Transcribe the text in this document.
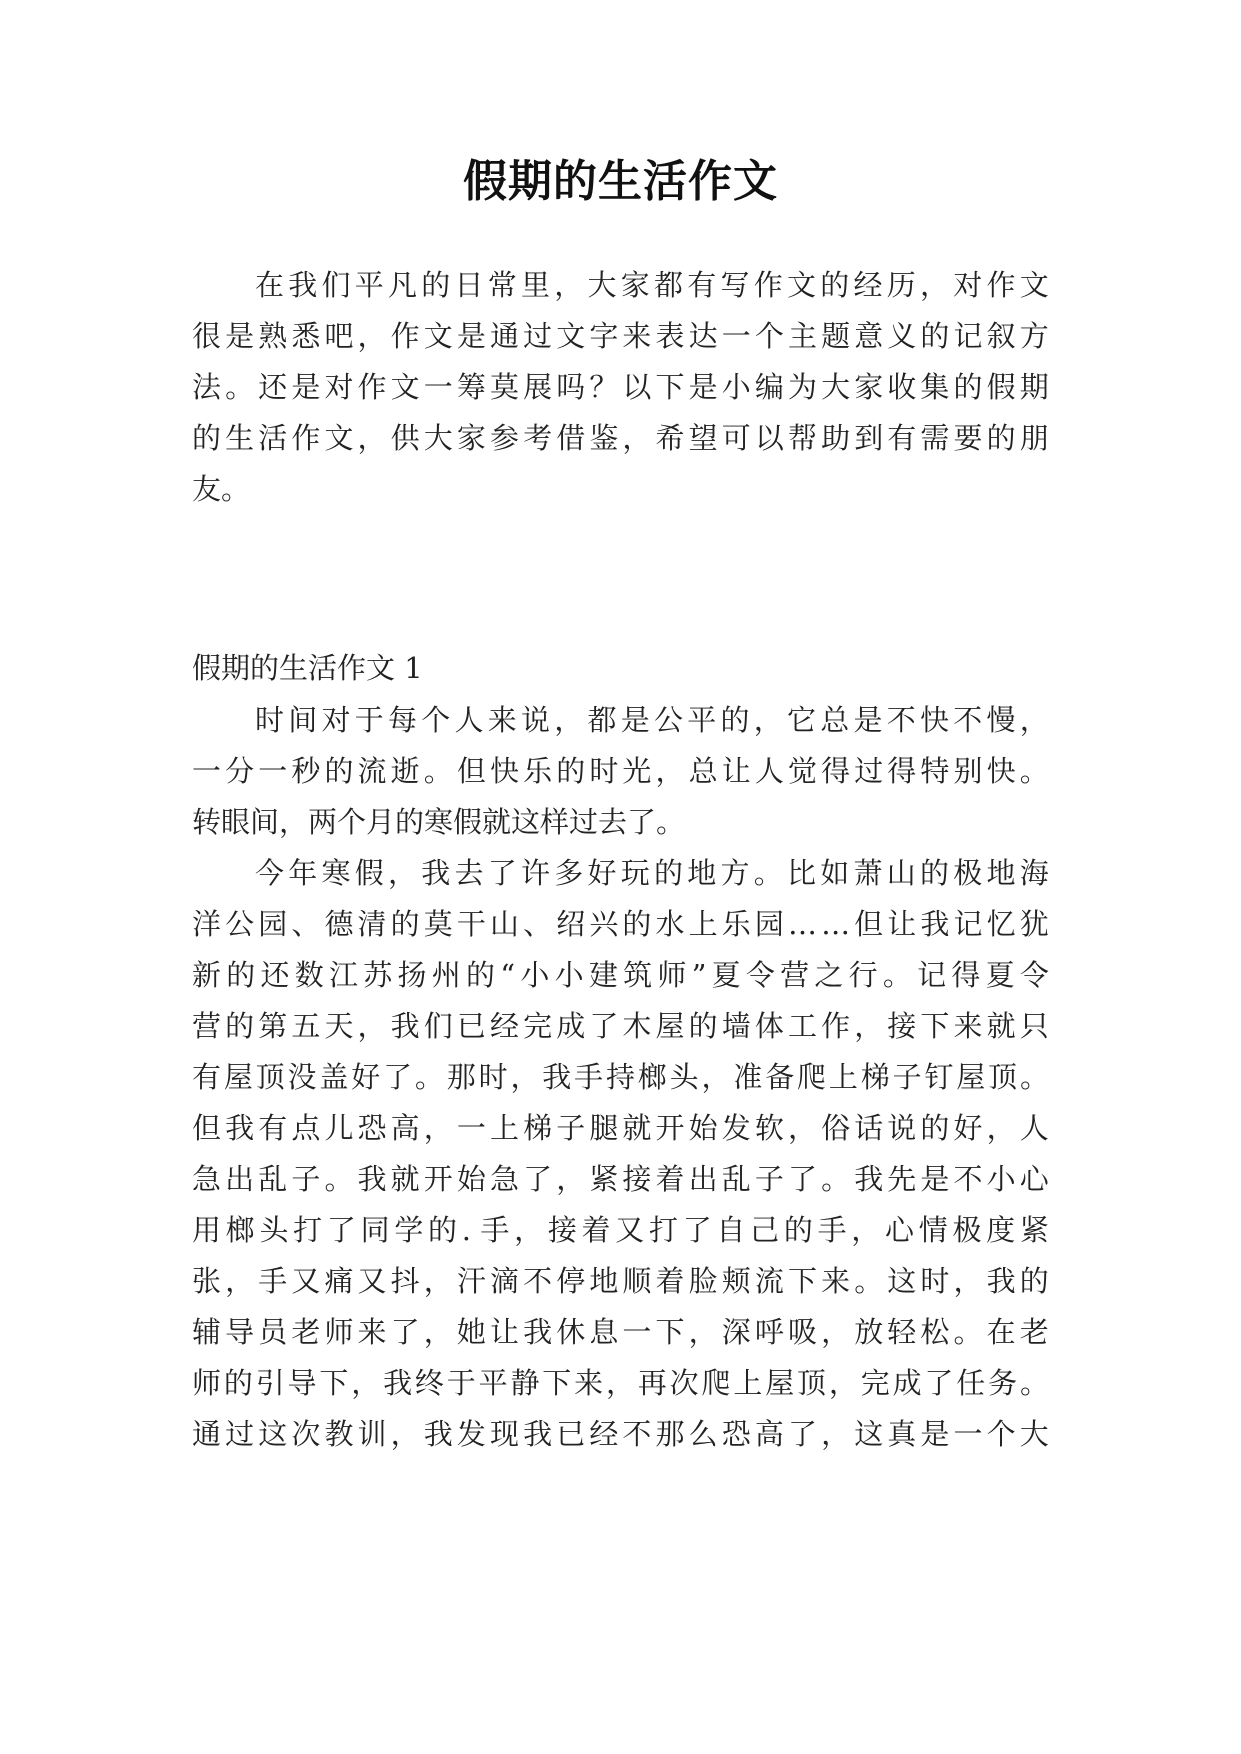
假期的生活作文
在 我 们 平 凡 的 日 常 里 ， 大 家 都 有 写 作 文 的 经 历 ， 对 作 文
很 是 熟 悉 吧 ， 作 文 是 通 过 文 字 来 表 达 一 个 主 题 意 义 的 记 叙 方
法 。 还 是 对 作 文 一 筹 莫 展 吗 ？ 以 下 是 小 编 为 大 家 收 集 的 假 期
的 生 活 作 文 ， 供 大 家 参 考 借 鉴 ， 希 望 可 以 帮 助 到 有 需 要 的 朋
友。
假期的生活作文 1
时 间 对 于 每 个 人 来 说 ， 都 是 公 平 的 ， 它 总 是 不 快 不 慢 ，
一 分 一 秒 的 流 逝 。 但 快 乐 的 时 光 ， 总 让 人 觉 得 过 得 特 别 快 。
转眼间，两个月的寒假就这样过去了。
今 年 寒 假 ， 我 去 了 许 多 好 玩 的 地 方 。 比 如 萧 山 的 极 地 海
洋 公 园 、 德 清 的 莫 干 山 、 绍 兴 的 水 上 乐 园 … … 但 让 我 记 忆 犹
新 的 还 数 江 苏 扬 州 的 “ 小 小 建 筑 师 ” 夏 令 营 之 行 。 记 得 夏 令
营 的 第 五 天 ， 我 们 已 经 完 成 了 木 屋 的 墙 体 工 作 ， 接 下 来 就 只
有 屋 顶 没 盖 好 了 。 那 时 ， 我 手 持 榔 头 ， 准 备 爬 上 梯 子 钉 屋 顶 。
但 我 有 点 儿 恐 高 ， 一 上 梯 子 腿 就 开 始 发 软 ， 俗 话 说 的 好 ， 人
急 出 乱 子 。 我 就 开 始 急 了 ， 紧 接 着 出 乱 子 了 。 我 先 是 不 小 心
用 榔 头 打 了 同 学 的 . 手 ， 接 着 又 打 了 自 己 的 手 ， 心 情 极 度 紧
张 ， 手 又 痛 又 抖 ， 汗 滴 不 停 地 顺 着 脸 颊 流 下 来 。 这 时 ， 我 的
辅 导 员 老 师 来 了 ， 她 让 我 休 息 一 下 ， 深 呼 吸 ， 放 轻 松 。 在 老
师 的 引 导 下 ， 我 终 于 平 静 下 来 ， 再 次 爬 上 屋 顶 ， 完 成 了 任 务 。
通 过 这 次 教 训 ， 我 发 现 我 已 经 不 那 么 恐 高 了 ， 这 真 是 一 个 大
